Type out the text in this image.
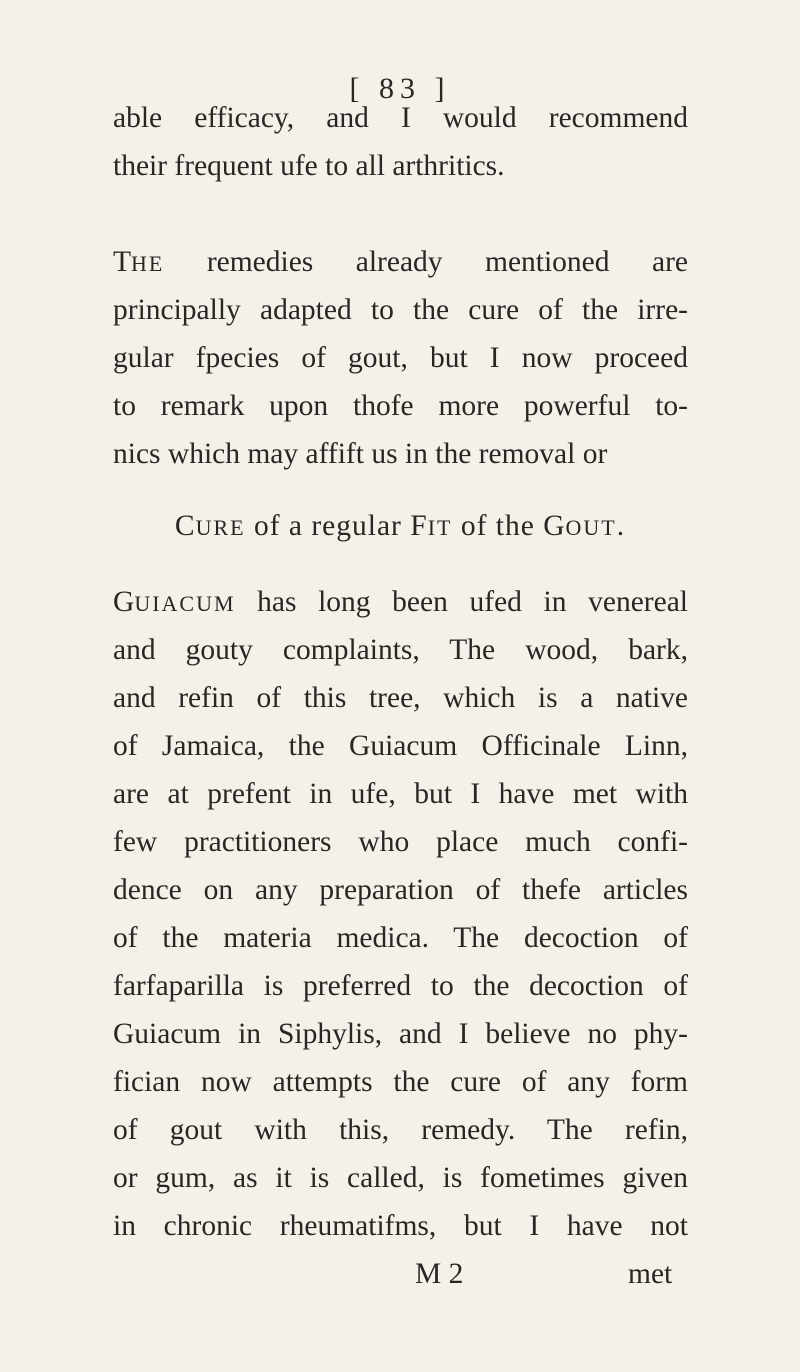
[ 83 ]
able efficacy, and I would recommend
their frequent ufe to all arthritics.
THE remedies already mentioned are
principally adapted to the cure of the irre-
gular fpecies of gout, but I now proceed
to remark upon thofe more powerful to-
nics which may affift us in the removal or
CURE of a regular FIT of the GOUT.
GUIACUM has long been ufed in venereal
and gouty complaints, The wood, bark,
and refin of this tree, which is a native
of Jamaica, the Guiacum Officinale Linn,
are at prefent in ufe, but I have met with
few practitioners who place much confi-
dence on any preparation of thefe articles
of the materia medica. The decoction of
farfaparilla is preferred to the decoction of
Guiacum in Siphylis, and I believe no phy-
fician now attempts the cure of any form
of gout with this, remedy. The refin,
or gum, as it is called, is fometimes given
in chronic rheumatifms, but I have not
M 2	met
